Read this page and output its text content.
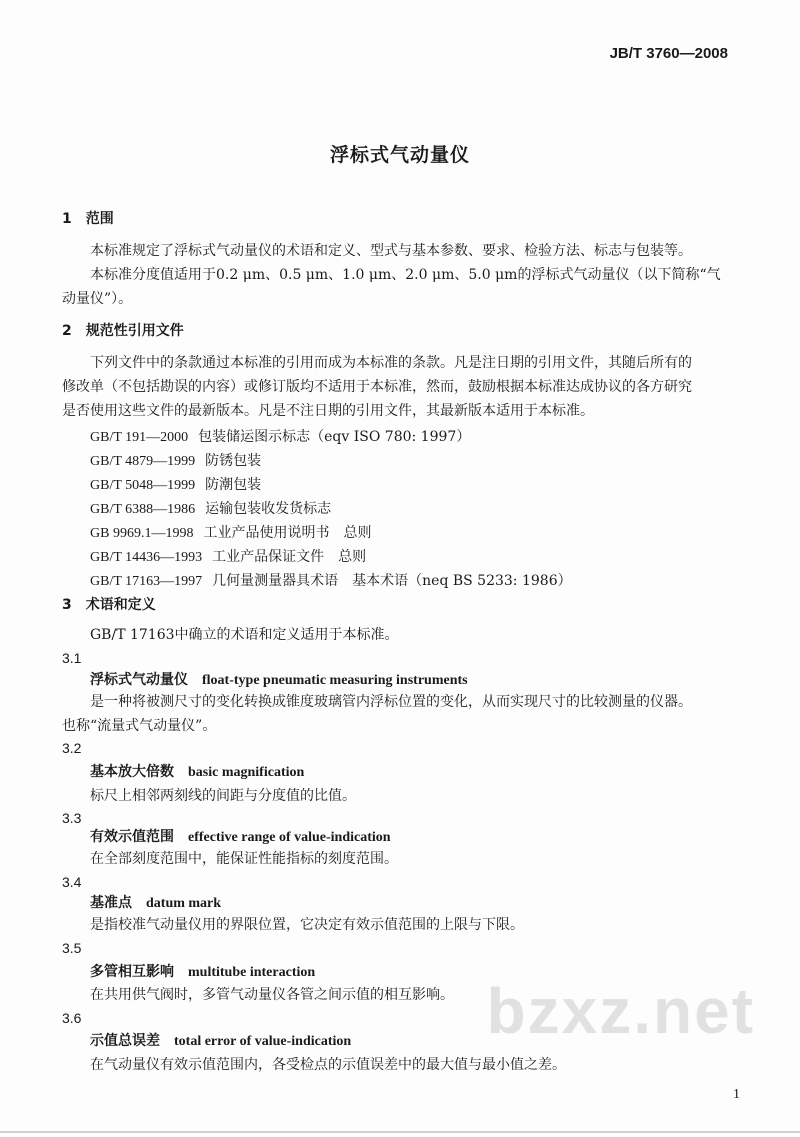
JB/T 3760—2008
浮标式气动量仪
1　范围
本标准规定了浮标式气动量仪的术语和定义、型式与基本参数、要求、检验方法、标志与包装等。
本标准分度值适用于0.2 μm、0.5 μm、1.0 μm、2.0 μm、5.0 μm的浮标式气动量仪（以下简称“气
动量仪”）。
2　规范性引用文件
下列文件中的条款通过本标准的引用而成为本标准的条款。凡是注日期的引用文件，其随后所有的
修改单（不包括勘误的内容）或修订版均不适用于本标准，然而，鼓励根据本标准达成协议的各方研究
是否使用这些文件的最新版本。凡是不注日期的引用文件，其最新版本适用于本标准。
GB/T 191—2000 包装储运图示标志（eqv ISO 780: 1997）
GB/T 4879—1999 防锈包装
GB/T 5048—1999 防潮包装
GB/T 6388—1986 运输包装收发货标志
GB 9969.1—1998 工业产品使用说明书　总则
GB/T 14436—1993 工业产品保证文件　总则
GB/T 17163—1997 几何量测量器具术语　基本术语（neq BS 5233: 1986）
3　术语和定义
GB/T 17163中确立的术语和定义适用于本标准。
3.1
浮标式气动量仪 float-type pneumatic measuring instruments
是一种将被测尺寸的变化转换成锥度玻璃管内浮标位置的变化，从而实现尺寸的比较测量的仪器。
也称“流量式气动量仪”。
3.2
基本放大倍数 basic magnification
标尺上相邻两刻线的间距与分度值的比值。
3.3
有效示值范围 effective range of value-indication
在全部刻度范围中，能保证性能指标的刻度范围。
3.4
基准点 datum mark
是指校准气动量仪用的界限位置，它决定有效示值范围的上限与下限。
3.5
多管相互影响 multitube interaction
在共用供气阀时，多管气动量仪各管之间示值的相互影响。 bzxz.net
3.6
示值总误差 total error of value-indication
在气动量仪有效示值范围内，各受检点的示值误差中的最大值与最小值之差。
1
